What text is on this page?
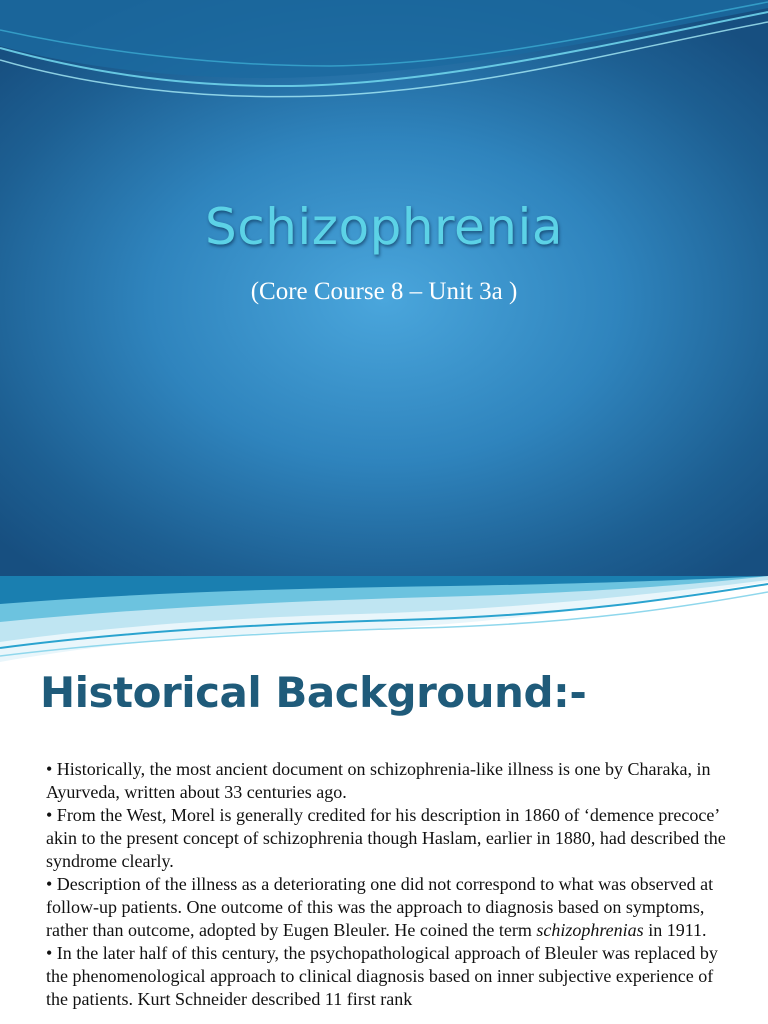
Schizophrenia
(Core Course 8 – Unit 3a )
Historical Background:-

• Historically, the most ancient document on schizophrenia-like illness is one by Charaka, in Ayurveda, written about 33 centuries ago.

• From the West, Morel is generally credited for his description in 1860 of ‘demence precoce’ akin to the present concept of schizophrenia though Haslam, earlier in 1880, had described the syndrome clearly.

• Description of the illness as a deteriorating one did not correspond to what was observed at follow-up patients. One outcome of this was the approach to diagnosis based on symptoms, rather than outcome, adopted by Eugen Bleuler. He coined the term schizophrenias in 1911.

• In the later half of this century, the psychopathological approach of Bleuler was replaced by the phenomenological approach to clinical diagnosis based on inner subjective experience of the patients. Kurt Schneider described 11 first rank
